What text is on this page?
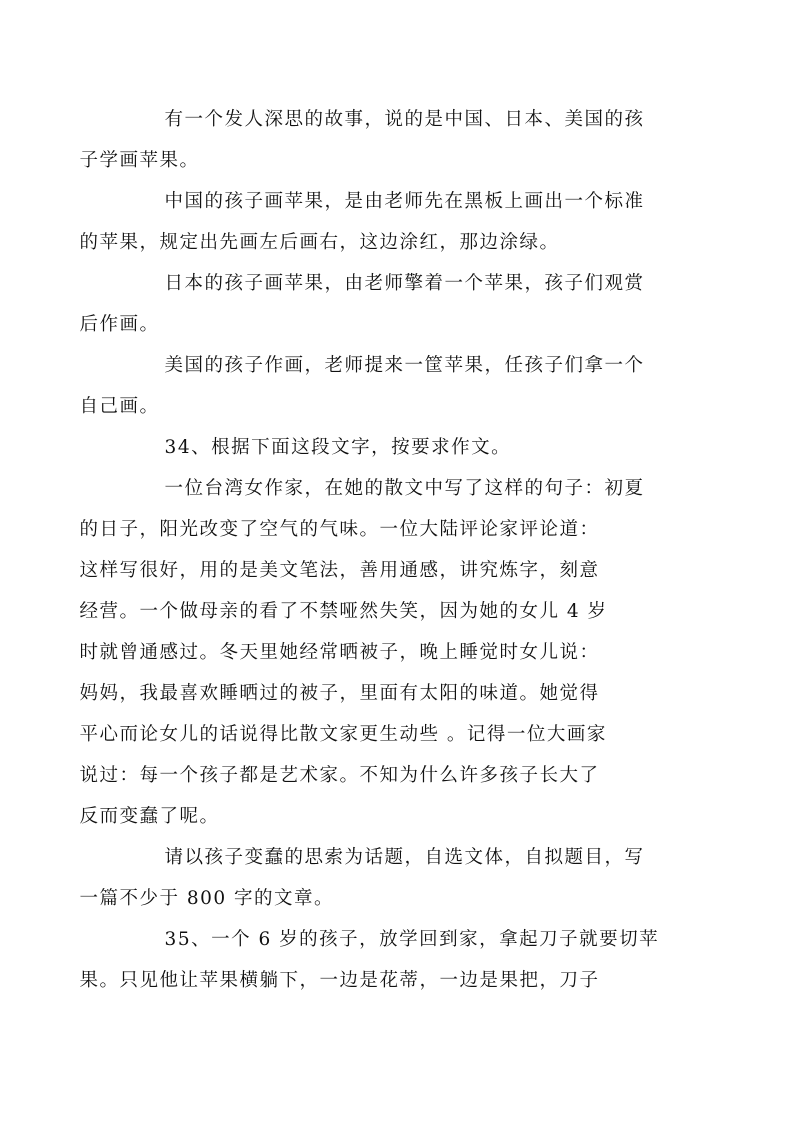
有一个发人深思的故事，说的是中国、日本、美国的孩
子学画苹果。

中国的孩子画苹果，是由老师先在黑板上画出一个标准
的苹果，规定出先画左后画右，这边涂红，那边涂绿。

日本的孩子画苹果，由老师擎着一个苹果，孩子们观赏
后作画。

美国的孩子作画，老师提来一筐苹果，任孩子们拿一个
自己画。

34、根据下面这段文字，按要求作文。

一位台湾女作家，在她的散文中写了这样的句子：初夏
的日子，阳光改变了空气的气味。一位大陆评论家评论道：
这样写很好，用的是美文笔法，善用通感，讲究炼字，刻意
经营。一个做母亲的看了不禁哑然失笑，因为她的女儿 4 岁
时就曾通感过。冬天里她经常晒被子，晚上睡觉时女儿说：
妈妈，我最喜欢睡晒过的被子，里面有太阳的味道。她觉得
平心而论女儿的话说得比散文家更生动些 。记得一位大画家
说过：每一个孩子都是艺术家。不知为什么许多孩子长大了
反而变蠢了呢。

请以孩子变蠢的思索为话题，自选文体，自拟题目，写
一篇不少于 800 字的文章。

35、一个 6 岁的孩子，放学回到家，拿起刀子就要切苹
果。只见他让苹果横躺下，一边是花蒂，一边是果把，刀子
